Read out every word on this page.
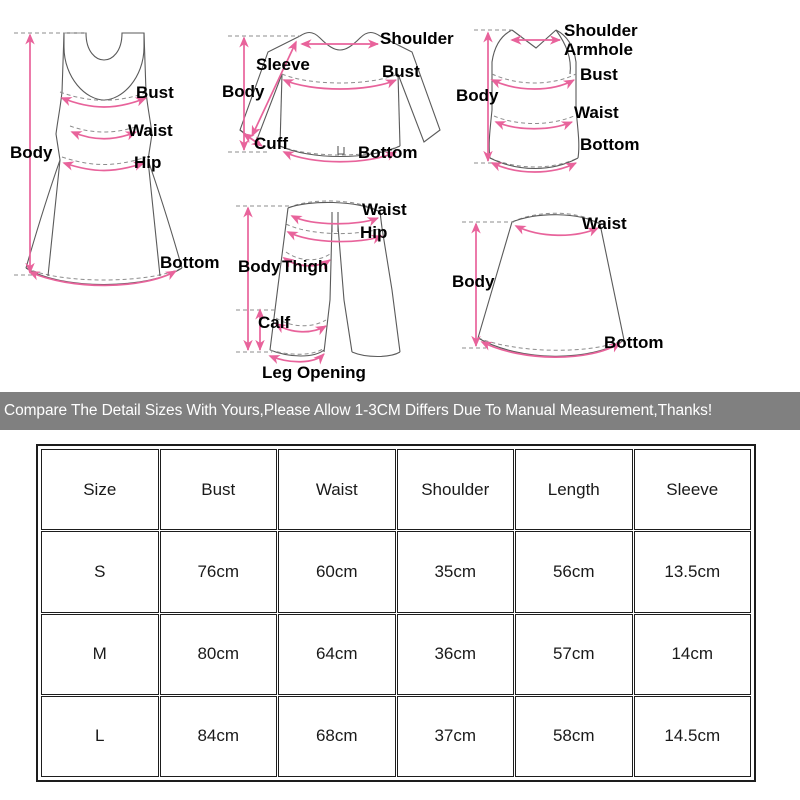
Body
Bust
Waist
Hip
Bottom
Body
Shoulder
Sleeve	Bust
Cuff	Bottom
Body
Shoulder
Armhole
Bust
Waist
Bottom
Body
Waist
Hip
Thigh
Calf
Leg Opening
Body
Waist
Bottom
Compare The Detail Sizes With Yours,Please Allow 1-3CM Differs Due To Manual Measurement,Thanks!
Size	Bust	Waist	Shoulder	Length	Sleeve
S	76cm	60cm	35cm	56cm	13.5cm
M	80cm	64cm	36cm	57cm	14cm
L	84cm	68cm	37cm	58cm	14.5cm
